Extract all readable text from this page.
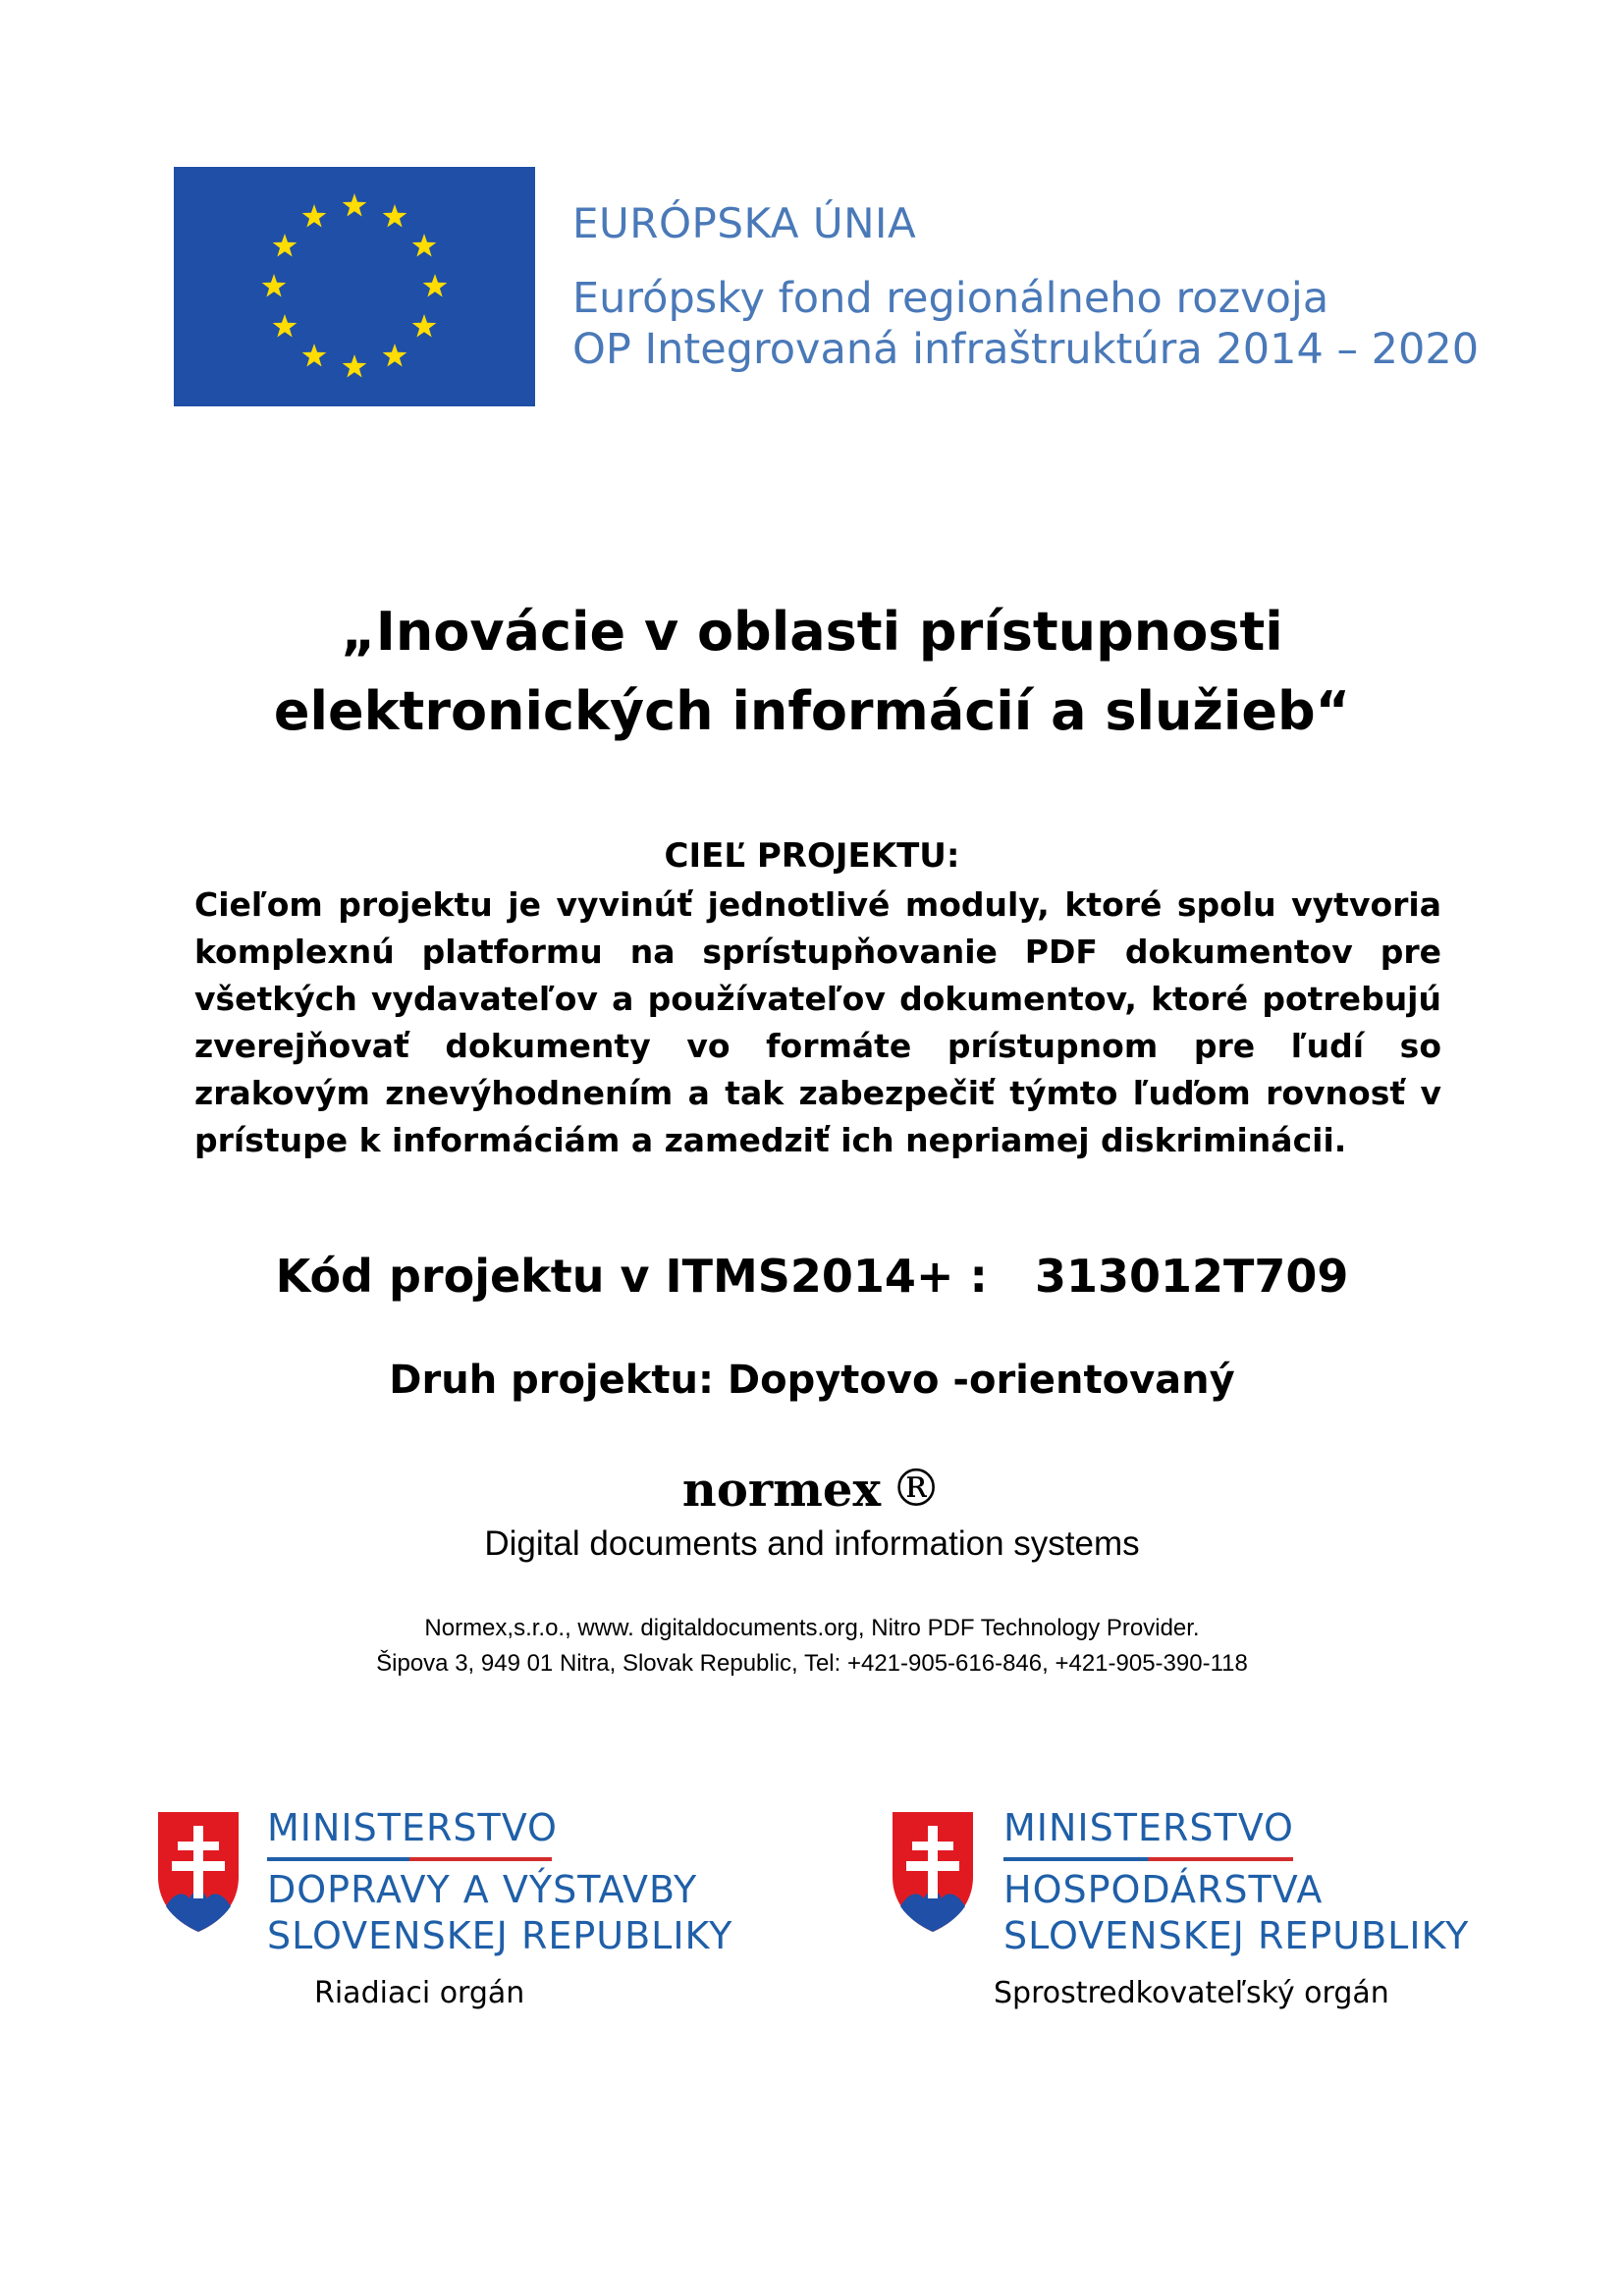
EURÓPSKA ÚNIA
Európsky fond regionálneho rozvoja
OP Integrovaná infraštruktúra 2014 – 2020
„Inovácie v oblasti prístupnosti
elektronických informácií a služieb“
CIEĽ PROJEKTU:
Cieľom projektu je vyvinúť jednotlivé moduly, ktoré spolu vytvoria komplexnú platformu na sprístupňovanie PDF dokumentov pre všetkých vydavateľov a používateľov dokumentov, ktoré potrebujú zverejňovať dokumenty vo formáte prístupnom pre ľudí so zrakovým znevýhodnením a tak zabezpečiť týmto ľuďom rovnosť v prístupe k informáciám a zamedziť ich nepriamej diskriminácii.
Kód projektu v ITMS2014+ :   313012T709
Druh projektu: Dopytovo -orientovaný
normex ®
Digital documents and information systems
Normex,s.r.o., www. digitaldocuments.org, Nitro PDF Technology Provider.
Šipova 3, 949 01 Nitra, Slovak Republic, Tel: +421-905-616-846, +421-905-390-118
MINISTERSTVO
DOPRAVY A VÝSTAVBY
SLOVENSKEJ REPUBLIKY
Riadiaci orgán
MINISTERSTVO
HOSPODÁRSTVA
SLOVENSKEJ REPUBLIKY
Sprostredkovateľský orgán
